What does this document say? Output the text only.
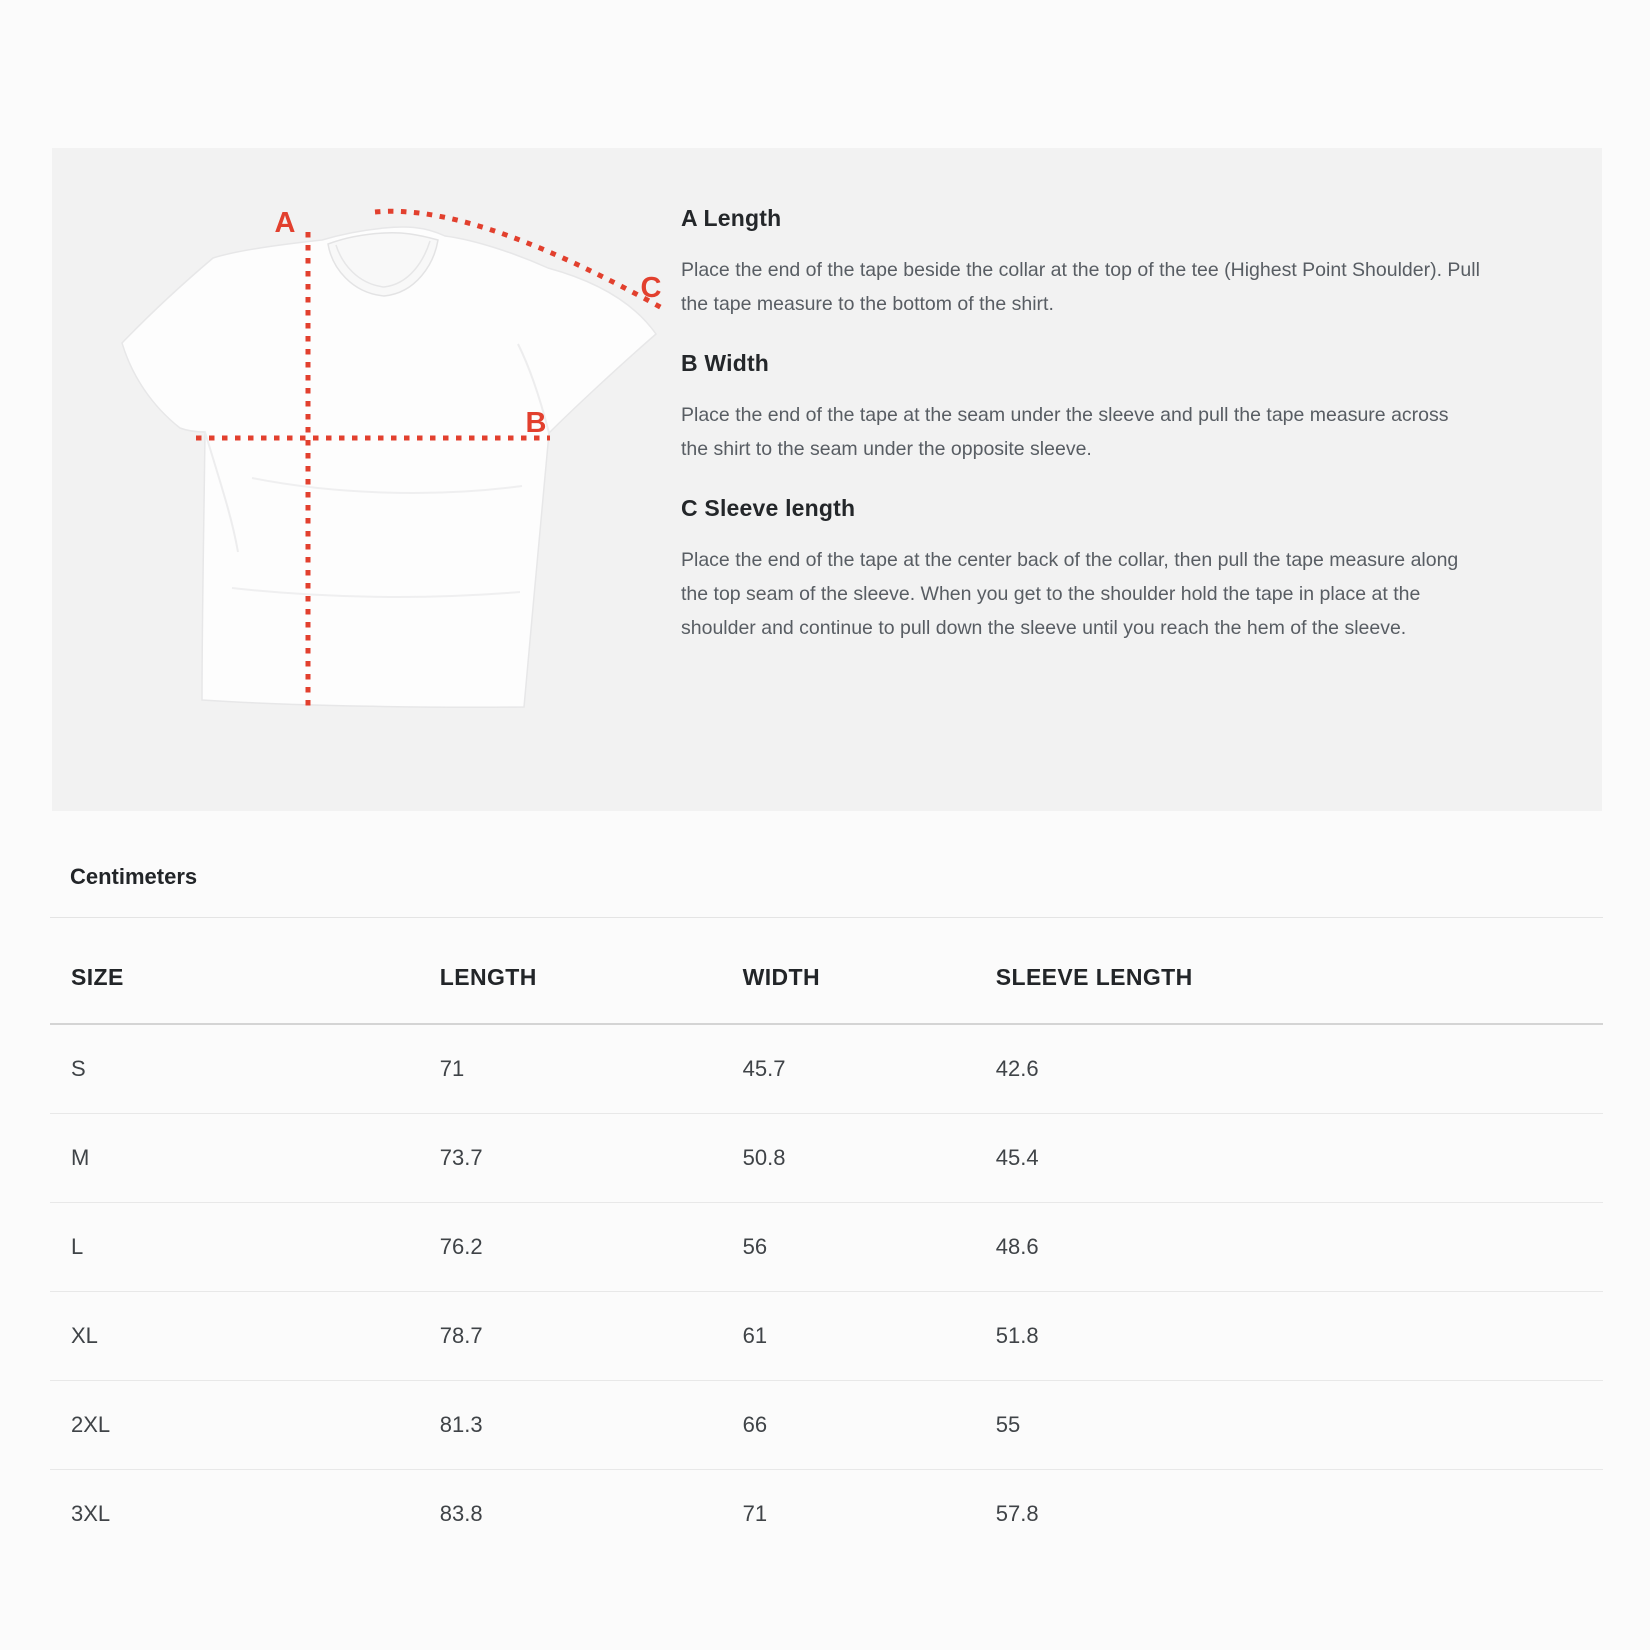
A
B
C
A Length

Place the end of the tape beside the collar at the top of the tee (Highest Point Shoulder). Pull the tape measure to the bottom of the shirt.

B Width

Place the end of the tape at the seam under the sleeve and pull the tape measure across the shirt to the seam under the opposite sleeve.

C Sleeve length

Place the end of the tape at the center back of the collar, then pull the tape measure along the top seam of the sleeve. When you get to the shoulder hold the tape in place at the shoulder and continue to pull down the sleeve until you reach the hem of the sleeve.

Centimeters
SIZE	LENGTH	WIDTH	SLEEVE LENGTH
S	71	45.7	42.6
M	73.7	50.8	45.4
L	76.2	56	48.6
XL	78.7	61	51.8
2XL	81.3	66	55
3XL	83.8	71	57.8
